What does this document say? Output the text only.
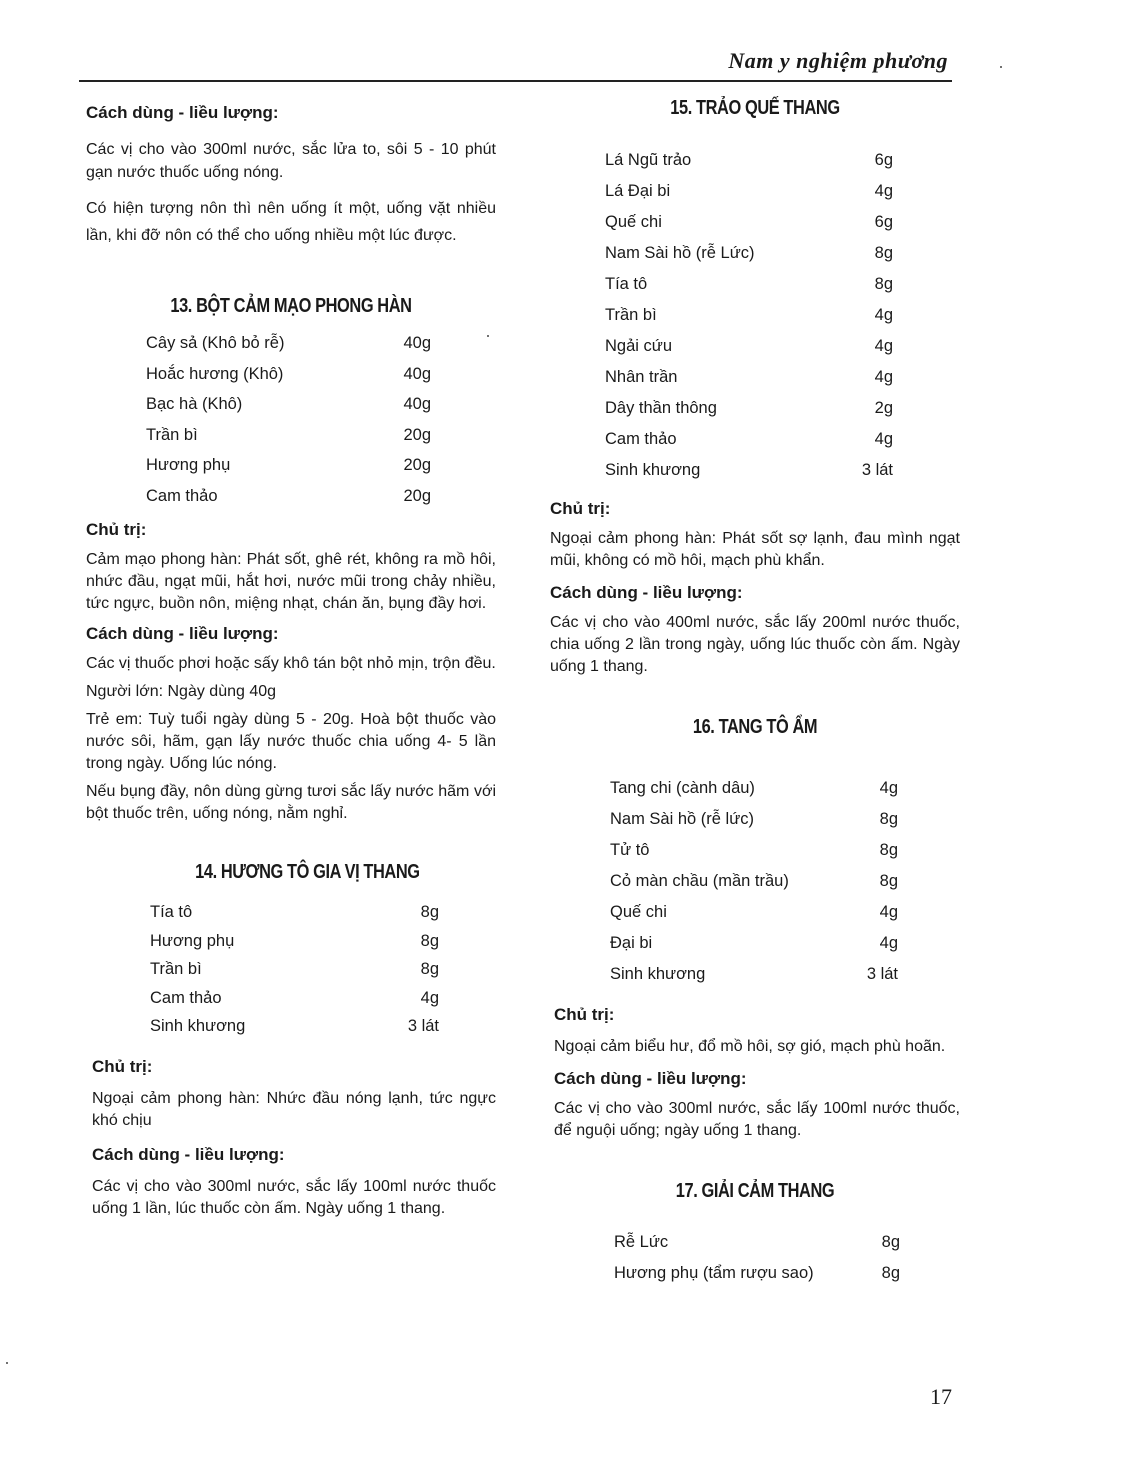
Nam y nghiệm phương

Cách dùng - liều lượng:

Các vị cho vào 300ml nước, sắc lửa to, sôi 5 - 10 phút gạn nước thuốc uống nóng.

Có hiện tượng nôn thì nên uống ít một, uống vặt nhiều lần, khi đỡ nôn có thể cho uống nhiều một lúc được.

13. BỘT CẢM MẠO PHONG HÀN
Cây sả (Khô bỏ rễ)	40g
Hoắc hương (Khô)	40g
Bạc hà (Khô)	40g
Trần bì	20g
Hương phụ	20g
Cam thảo	20g

Chủ trị:

Cảm mạo phong hàn: Phát sốt, ghê rét, không ra mồ hôi, nhức đầu, ngạt mũi, hắt hơi, nước mũi trong chảy nhiều, tức ngực, buồn nôn, miệng nhạt, chán ăn, bụng đầy hơi.

Cách dùng - liều lượng:

Các vị thuốc phơi hoặc sấy khô tán bột nhỏ mịn, trộn đều.

Người lớn: Ngày dùng 40g

Trẻ em: Tuỳ tuổi ngày dùng 5 - 20g. Hoà bột thuốc vào nước sôi, hãm, gạn lấy nước thuốc chia uống 4- 5 lần trong ngày. Uống lúc nóng.

Nếu bụng đầy, nôn dùng gừng tươi sắc lấy nước hãm với bột thuốc trên, uống nóng, nằm nghỉ.

14. HƯƠNG TÔ GIA VỊ THANG
Tía tô	8g
Hương phụ	8g
Trần bì	8g
Cam thảo	4g
Sinh khương	3 lát

Chủ trị:

Ngoại cảm phong hàn: Nhức đầu nóng lạnh, tức ngực khó chịu

Cách dùng - liều lượng:

Các vị cho vào 300ml nước, sắc lấy 100ml nước thuốc uống 1 lần, lúc thuốc còn ấm. Ngày uống 1 thang.

15. TRẢO QUẾ THANG
Lá Ngũ trảo	6g
Lá Đại bi	4g
Quế chi	6g
Nam Sài hồ (rễ Lức)	8g
Tía tô	8g
Trần bì	4g
Ngải cứu	4g
Nhân trần	4g
Dây thần thông	2g
Cam thảo	4g
Sinh khương	3 lát

Chủ trị:

Ngoại cảm phong hàn: Phát sốt sợ lạnh, đau mình ngạt mũi, không có mồ hôi, mạch phù khẩn.

Cách dùng - liều lượng:

Các vị cho vào 400ml nước, sắc lấy 200ml nước thuốc, chia uống 2 lần trong ngày, uống lúc thuốc còn ấm. Ngày uống 1 thang.

16. TANG TÔ ẨM
Tang chi (cành dâu)	4g
Nam Sài hồ (rễ lức)	8g
Tử tô	8g
Cỏ màn chầu (mần trầu)	8g
Quế chi	4g
Đại bi	4g
Sinh khương	3 lát

Chủ trị:

Ngoại cảm biểu hư, đổ mồ hôi, sợ gió, mạch phù hoãn.

Cách dùng - liều lượng:

Các vị cho vào 300ml nước, sắc lấy 100ml nước thuốc, để nguội uống; ngày uống 1 thang.

17. GIẢI CẢM THANG
Rễ Lức	8g
Hương phụ (tẩm rượu sao)	8g
17
